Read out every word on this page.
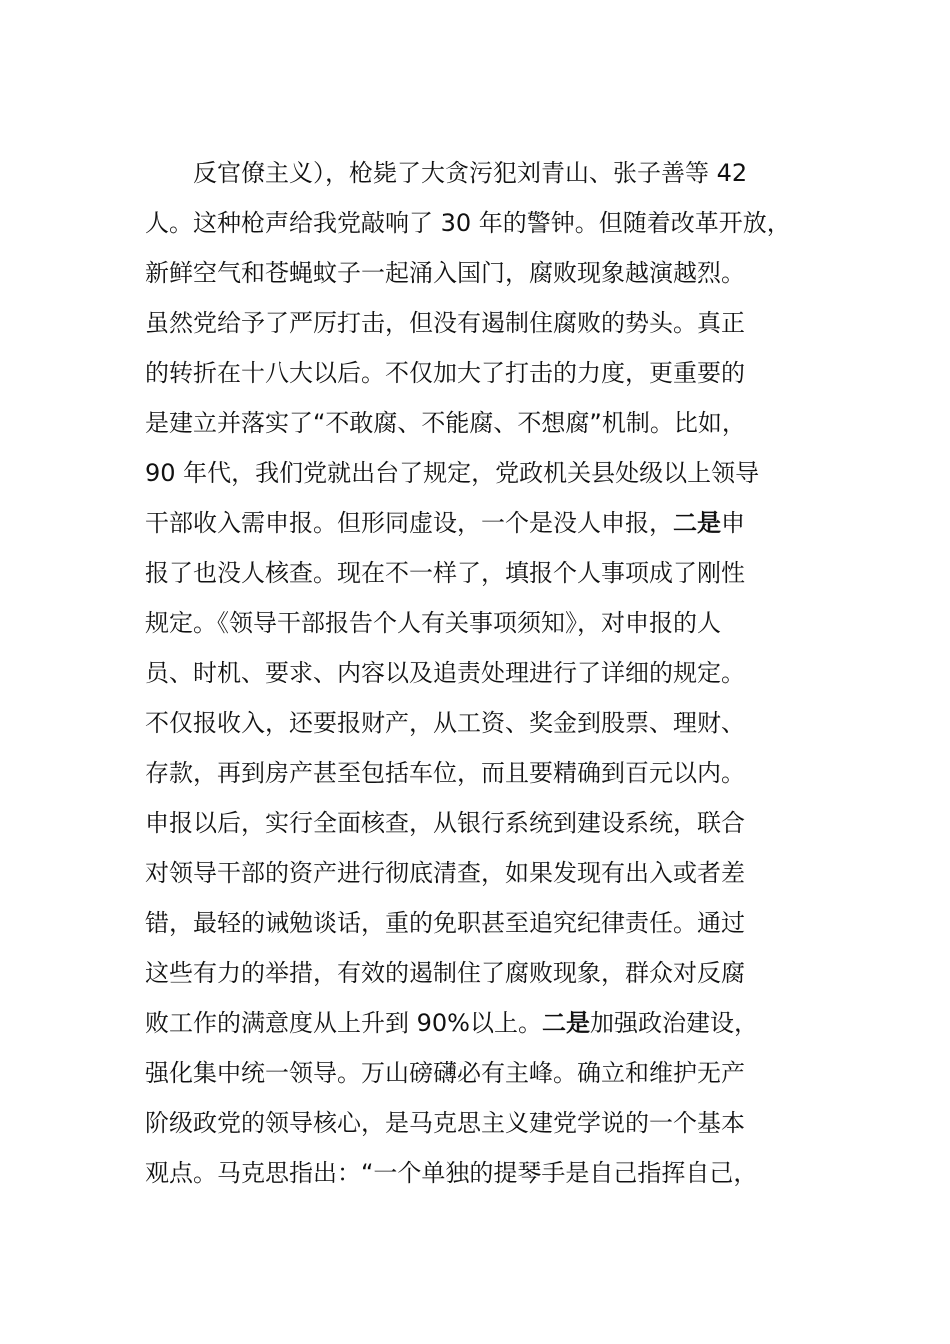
反官僚主义），枪毙了大贪污犯刘青山、张子善等 42
人。这种枪声给我党敲响了 30 年的警钟。但随着改革开放，
新鲜空气和苍蝇蚊子一起涌入国门，腐败现象越演越烈。
虽然党给予了严厉打击，但没有遏制住腐败的势头。真正
的转折在十八大以后。不仅加大了打击的力度，更重要的
是建立并落实了“不敢腐、不能腐、不想腐”机制。比如，
90 年代，我们党就出台了规定，党政机关县处级以上领导
干部收入需申报。但形同虚设，一个是没人申报，二是申
报了也没人核查。现在不一样了，填报个人事项成了刚性
规定。《领导干部报告个人有关事项须知》，对申报的人
员、时机、要求、内容以及追责处理进行了详细的规定。
不仅报收入，还要报财产，从工资、奖金到股票、理财、
存款，再到房产甚至包括车位，而且要精确到百元以内。
申报以后，实行全面核查，从银行系统到建设系统，联合
对领导干部的资产进行彻底清查，如果发现有出入或者差
错，最轻的诫勉谈话，重的免职甚至追究纪律责任。通过
这些有力的举措，有效的遏制住了腐败现象，群众对反腐
败工作的满意度从上升到 90%以上。二是加强政治建设，
强化集中统一领导。万山磅礴必有主峰。确立和维护无产
阶级政党的领导核心，是马克思主义建党学说的一个基本
观点。马克思指出：“一个单独的提琴手是自己指挥自己，
